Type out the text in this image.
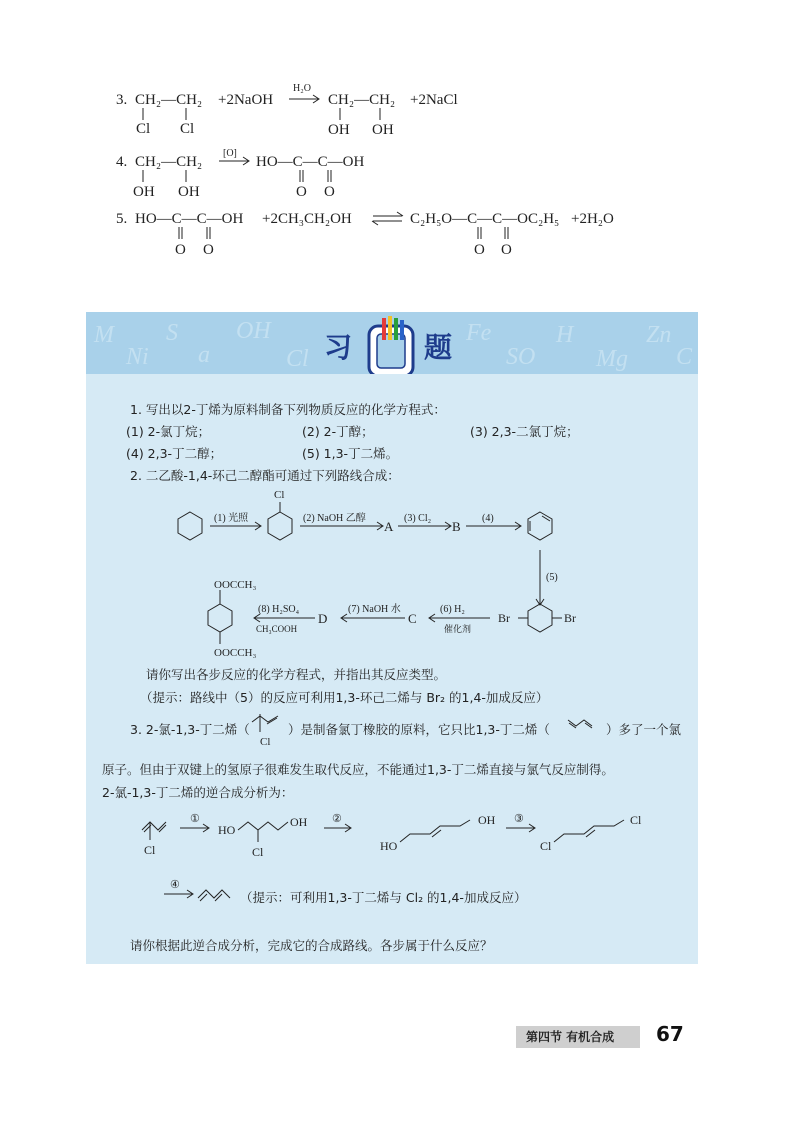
3. CH₂—CH₂
Cl Cl
+2NaOH
H₂O
CH₂—CH₂
OH OH
+2NaCl
4. CH₂—CH₂
OH OH
[O]
HO—C—C—OH
O O
5. HO—C—C—OH
O O
+2CH₃CH₂OH	C₂H₅O—C—C—OC₂H₅
O O
+2H₂O
M
Ni
S
a
OH
Cl
Fe
SO
H
Mg
Zn
C
习	题
1. 写出以2-丁烯为原料制备下列物质反应的化学方程式：
(1) 2-氯丁烷；	(2) 2-丁醇；	(3) 2,3-二氯丁烷；
(4) 2,3-丁二醇；	(5) 1,3-丁二烯。
2. 二乙酸-1,4-环己二醇酯可通过下列路线合成：
Cl
(1) 光照	(2) NaOH 乙醇
A
(3) Cl₂
B
(4)
(5)
Br	Br
(6) H₂
催化剂
C
(7) NaOH 水
D
(8) H₂SO₄
CH₃COOH
OOCCH₃
OOCCH₃
请你写出各步反应的化学方程式，并指出其反应类型。
（提示：路线中（5）的反应可利用1,3-环己二烯与 Br₂ 的1,4-加成反应）
3. 2-氯-1,3-丁二烯（
Cl
）是制备氯丁橡胶的原料，它只比1,3-丁二烯（	）多了一个氯
原子。但由于双键上的氢原子很难发生取代反应，不能通过1,3-丁二烯直接与氯气反应制得。
2-氯-1,3-丁二烯的逆合成分析为：
Cl
①
HO
OH
Cl
②	OH
HO
③	Cl
Cl
④
（提示：可利用1,3-丁二烯与 Cl₂ 的1,4-加成反应）
请你根据此逆合成分析，完成它的合成路线。各步属于什么反应？
第四节 有机合成	67
